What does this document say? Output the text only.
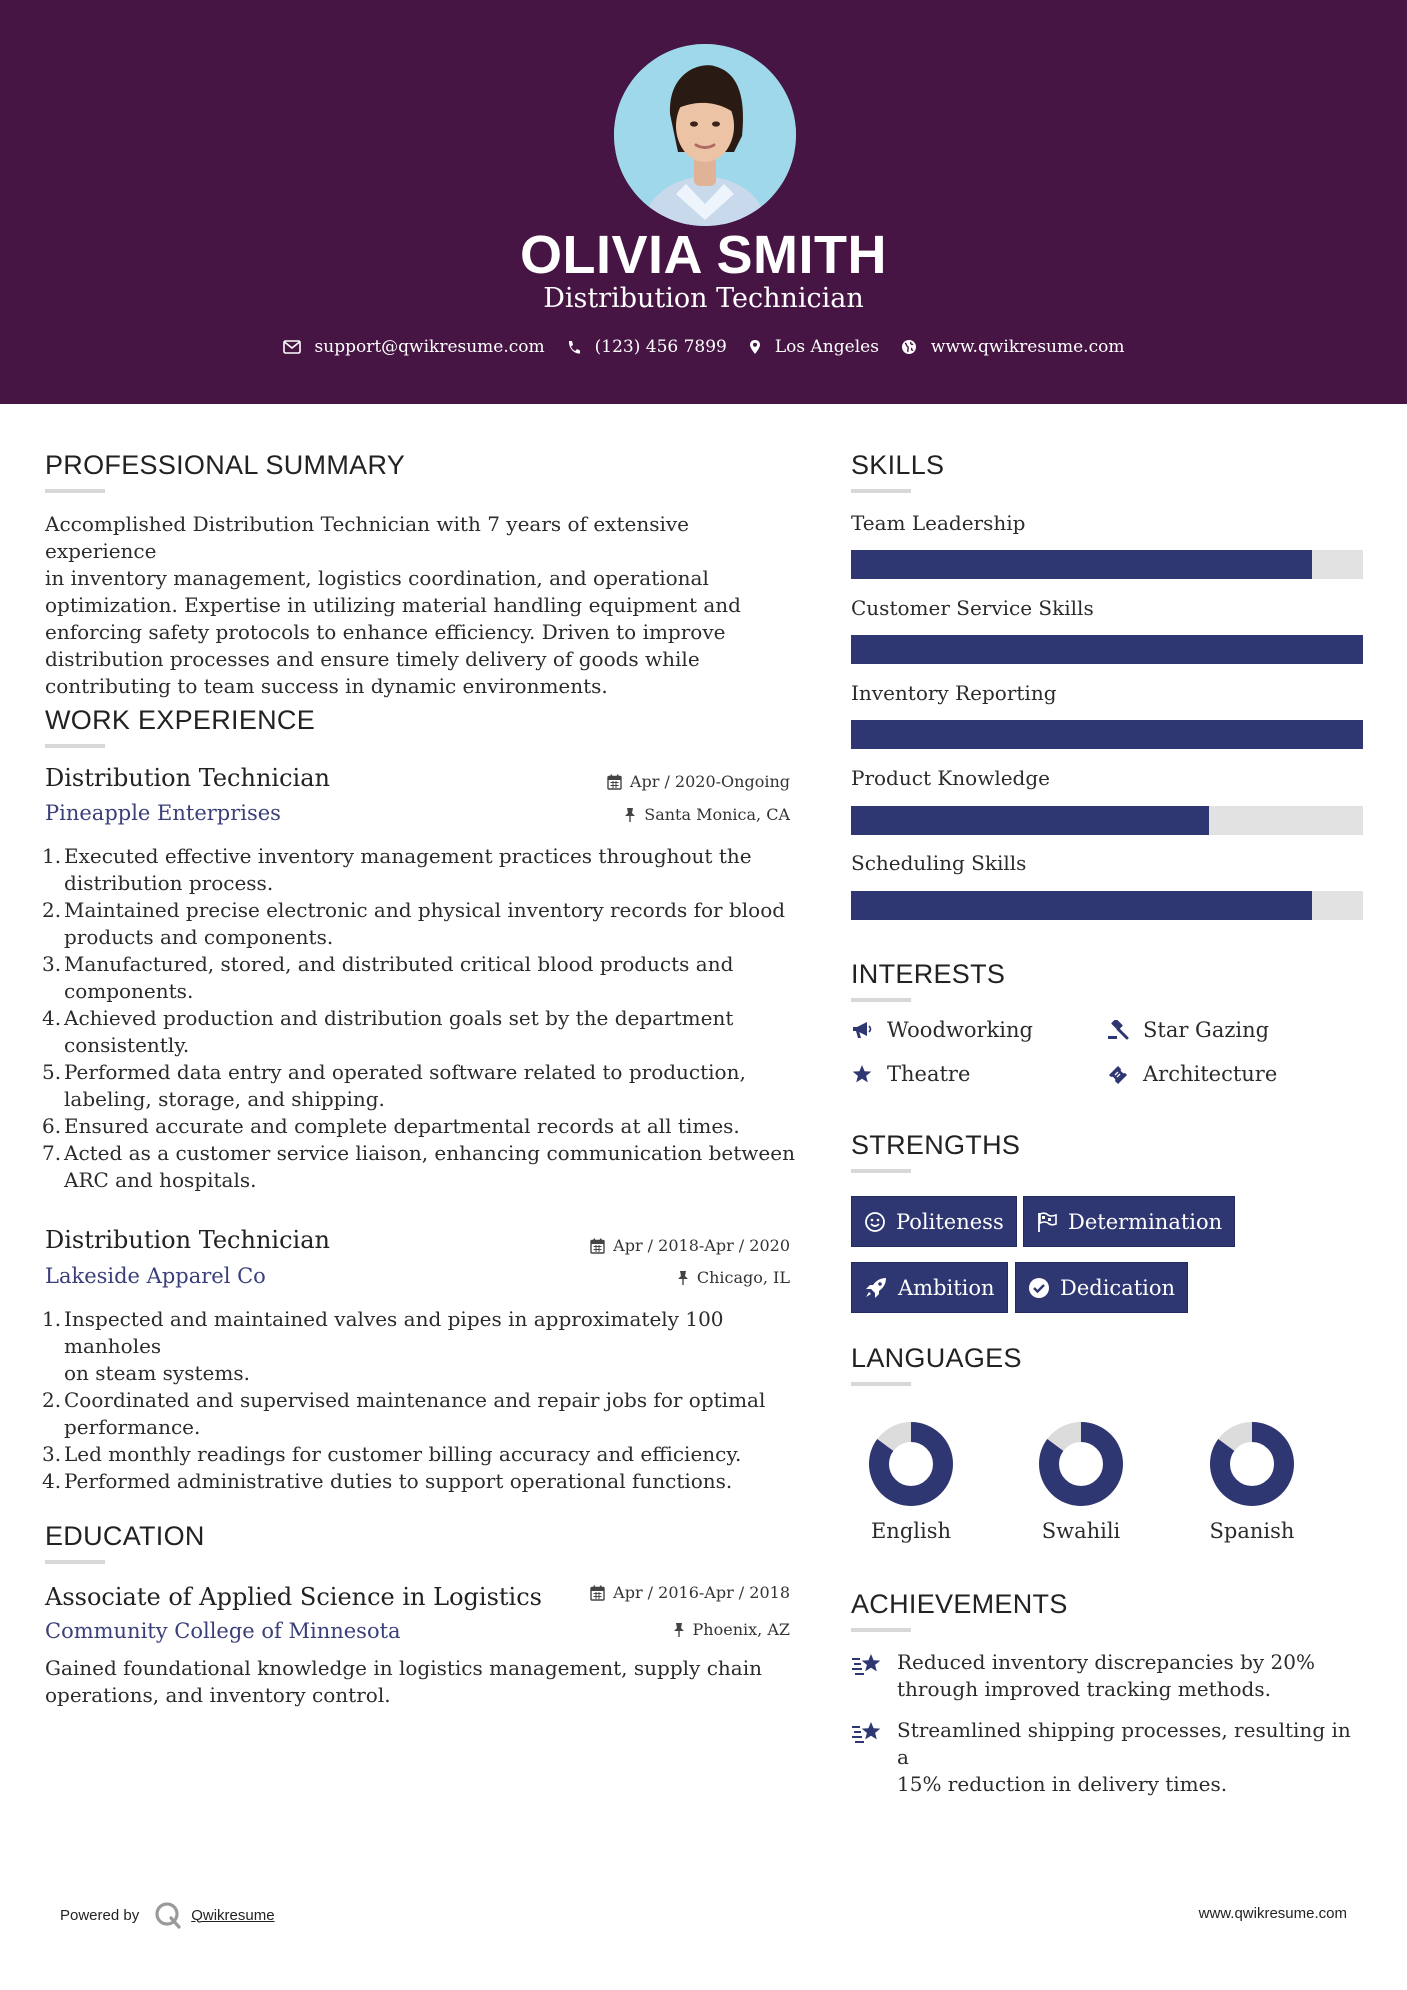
OLIVIA SMITH
Distribution Technician
support@qwikresume.com	(123) 456 7899	Los Angeles	www.qwikresume.com
PROFESSIONAL SUMMARY
Accomplished Distribution Technician with 7 years of extensive experience
in inventory management, logistics coordination, and operational
optimization. Expertise in utilizing material handling equipment and
enforcing safety protocols to enhance efficiency. Driven to improve
distribution processes and ensure timely delivery of goods while
contributing to team success in dynamic environments.
WORK EXPERIENCE
Distribution Technician
Pineapple Enterprises
Apr / 2020-Ongoing
Santa Monica, CA
1. Executed effective inventory management practices throughout the
distribution process.
2. Maintained precise electronic and physical inventory records for blood
products and components.
3. Manufactured, stored, and distributed critical blood products and
components.
4. Achieved production and distribution goals set by the department
consistently.
5. Performed data entry and operated software related to production,
labeling, storage, and shipping.
6. Ensured accurate and complete departmental records at all times.
7. Acted as a customer service liaison, enhancing communication between
ARC and hospitals.
Distribution Technician
Lakeside Apparel Co
Apr / 2018-Apr / 2020
Chicago, IL
1. Inspected and maintained valves and pipes in approximately 100 manholes
on steam systems.
2. Coordinated and supervised maintenance and repair jobs for optimal
performance.
3. Led monthly readings for customer billing accuracy and efficiency.
4. Performed administrative duties to support operational functions.
EDUCATION
Associate of Applied Science in Logistics
Community College of Minnesota
Apr / 2016-Apr / 2018
Phoenix, AZ
Gained foundational knowledge in logistics management, supply chain
operations, and inventory control.
SKILLS
Team Leadership
Customer Service Skills
Inventory Reporting
Product Knowledge
Scheduling Skills
INTERESTS
Woodworking	Star Gazing
Theatre	Architecture
STRENGTHS
Politeness	Determination
Ambition	Dedication
LANGUAGES
English	Swahili	Spanish
ACHIEVEMENTS
Reduced inventory discrepancies by 20%
through improved tracking methods.
Streamlined shipping processes, resulting in a
15% reduction in delivery times.
Powered by	Qwikresume	www.qwikresume.com
